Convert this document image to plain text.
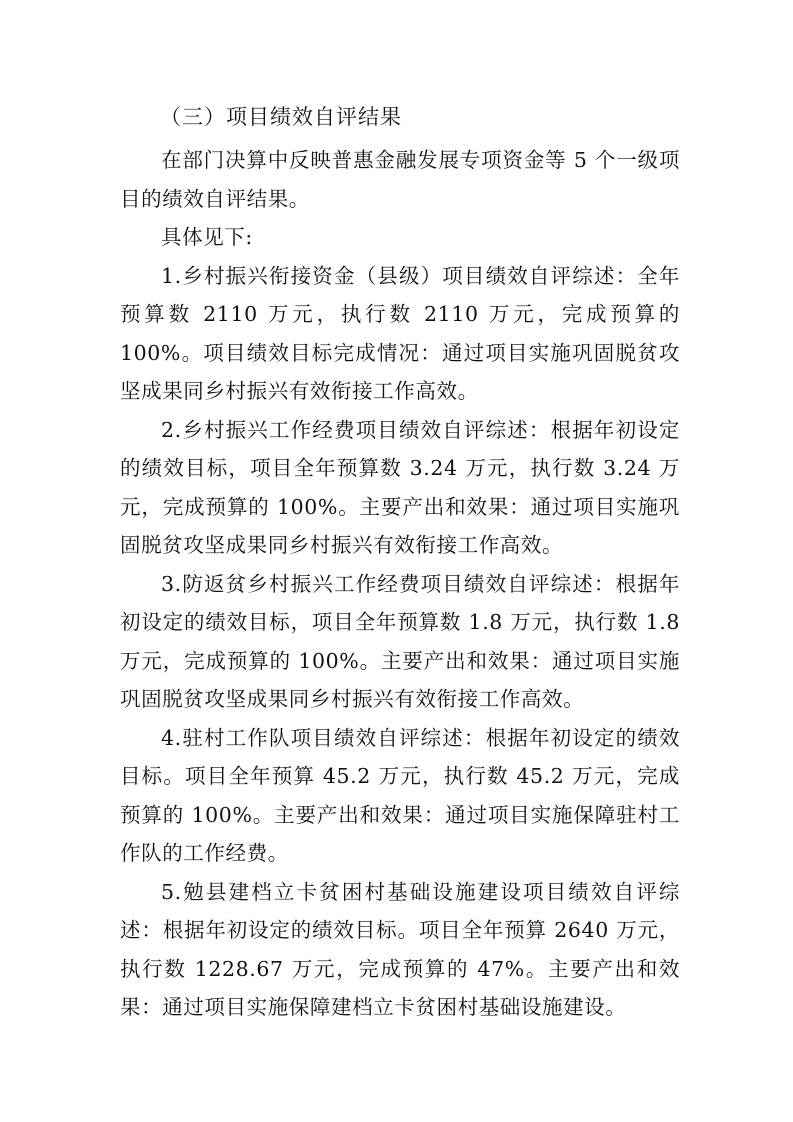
（三）项目绩效自评结果

在部门决算中反映普惠金融发展专项资金等 5 个一级项目的绩效自评结果。

具体见下:

1.乡村振兴衔接资金（县级）项目绩效自评综述：全年预算数 2110 万元，执行数 2110 万元，完成预算的 100%。项目绩效目标完成情况：通过项目实施巩固脱贫攻坚成果同乡村振兴有效衔接工作高效。

2.乡村振兴工作经费项目绩效自评综述：根据年初设定的绩效目标，项目全年预算数 3.24 万元，执行数 3.24 万元，完成预算的 100%。主要产出和效果：通过项目实施巩固脱贫攻坚成果同乡村振兴有效衔接工作高效。

3.防返贫乡村振兴工作经费项目绩效自评综述：根据年初设定的绩效目标，项目全年预算数 1.8 万元，执行数 1.8 万元，完成预算的 100%。主要产出和效果：通过项目实施巩固脱贫攻坚成果同乡村振兴有效衔接工作高效。

4.驻村工作队项目绩效自评综述：根据年初设定的绩效目标。项目全年预算 45.2 万元，执行数 45.2 万元，完成预算的 100%。主要产出和效果：通过项目实施保障驻村工作队的工作经费。

5.勉县建档立卡贫困村基础设施建设项目绩效自评综述：根据年初设定的绩效目标。项目全年预算 2640 万元，执行数 1228.67 万元，完成预算的 47%。主要产出和效果：通过项目实施保障建档立卡贫困村基础设施建设。
